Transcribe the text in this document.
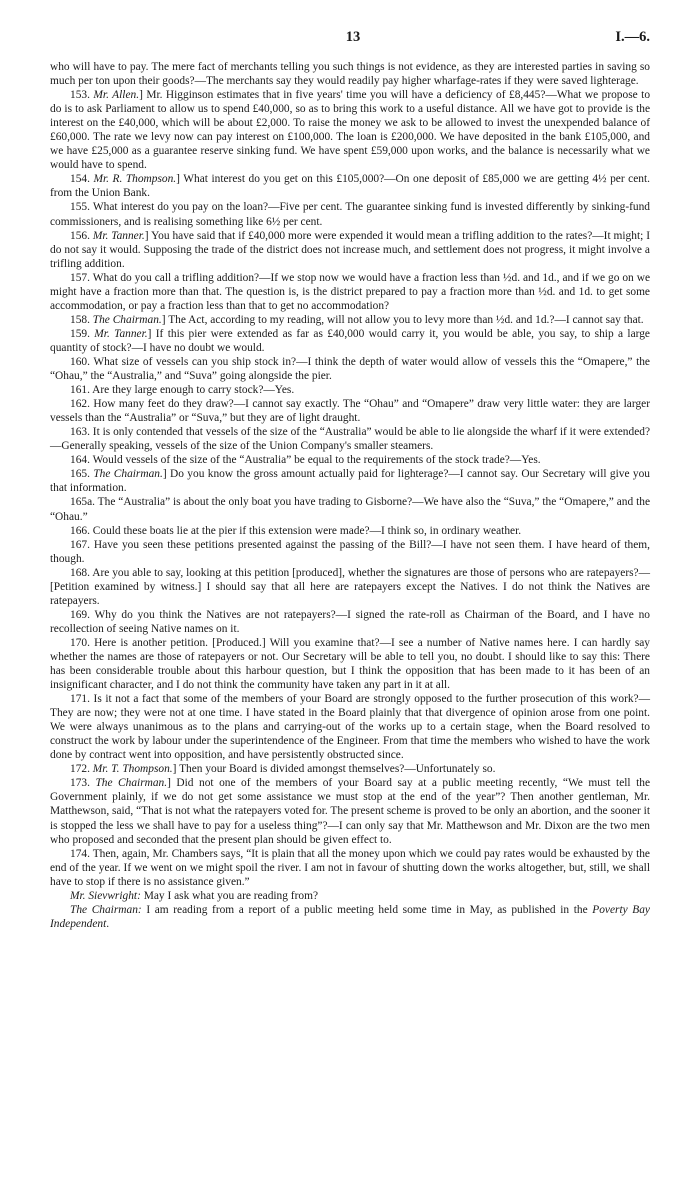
13	I.—6.

who will have to pay. The mere fact of merchants telling you such things is not evidence, as they are interested parties in saving so much per ton upon their goods?—The merchants say they would readily pay higher wharfage-rates if they were saved lighterage.

153. Mr. Allen.] Mr. Higginson estimates that in five years' time you will have a deficiency of £8,445?—What we propose to do is to ask Parliament to allow us to spend £40,000, so as to bring this work to a useful distance. All we have got to provide is the interest on the £40,000, which will be about £2,000. To raise the money we ask to be allowed to invest the unexpended balance of £60,000. The rate we levy now can pay interest on £100,000. The loan is £200,000. We have deposited in the bank £105,000, and we have £25,000 as a guarantee reserve sinking fund. We have spent £59,000 upon works, and the balance is necessarily what we would have to spend.

154. Mr. R. Thompson.] What interest do you get on this £105,000?—On one deposit of £85,000 we are getting 4½ per cent. from the Union Bank.

155. What interest do you pay on the loan?—Five per cent. The guarantee sinking fund is invested differently by sinking-fund commissioners, and is realising something like 6½ per cent.

156. Mr. Tanner.] You have said that if £40,000 more were expended it would mean a trifling addition to the rates?—It might; I do not say it would. Supposing the trade of the district does not increase much, and settlement does not progress, it might involve a trifling addition.

157. What do you call a trifling addition?—If we stop now we would have a fraction less than ½d. and 1d., and if we go on we might have a fraction more than that. The question is, is the district prepared to pay a fraction more than ½d. and 1d. to get some accommodation, or pay a fraction less than that to get no accommodation?

158. The Chairman.] The Act, according to my reading, will not allow you to levy more than ½d. and 1d.?—I cannot say that.

159. Mr. Tanner.] If this pier were extended as far as £40,000 would carry it, you would be able, you say, to ship a large quantity of stock?—I have no doubt we would.

160. What size of vessels can you ship stock in?—I think the depth of water would allow of vessels this the “Omapere,” the “Ohau,” the “Australia,” and “Suva” going alongside the pier.

161. Are they large enough to carry stock?—Yes.

162. How many feet do they draw?—I cannot say exactly. The “Ohau” and “Omapere” draw very little water: they are larger vessels than the “Australia” or “Suva,” but they are of light draught.

163. It is only contended that vessels of the size of the “Australia” would be able to lie alongside the wharf if it were extended?—Generally speaking, vessels of the size of the Union Company's smaller steamers.

164. Would vessels of the size of the “Australia” be equal to the requirements of the stock trade?—Yes.

165. The Chairman.] Do you know the gross amount actually paid for lighterage?—I cannot say. Our Secretary will give you that information.

165a. The “Australia” is about the only boat you have trading to Gisborne?—We have also the “Suva,” the “Omapere,” and the “Ohau.”

166. Could these boats lie at the pier if this extension were made?—I think so, in ordinary weather.

167. Have you seen these petitions presented against the passing of the Bill?—I have not seen them. I have heard of them, though.

168. Are you able to say, looking at this petition [produced], whether the signatures are those of persons who are ratepayers?—[Petition examined by witness.] I should say that all here are ratepayers except the Natives. I do not think the Natives are ratepayers.

169. Why do you think the Natives are not ratepayers?—I signed the rate-roll as Chairman of the Board, and I have no recollection of seeing Native names on it.

170. Here is another petition. [Produced.] Will you examine that?—I see a number of Native names here. I can hardly say whether the names are those of ratepayers or not. Our Secretary will be able to tell you, no doubt. I should like to say this: There has been considerable trouble about this harbour question, but I think the opposition that has been made to it has been of an insignificant character, and I do not think the community have taken any part in it at all.

171. Is it not a fact that some of the members of your Board are strongly opposed to the further prosecution of this work?—They are now; they were not at one time. I have stated in the Board plainly that that divergence of opinion arose from one point. We were always unanimous as to the plans and carrying-out of the works up to a certain stage, when the Board resolved to construct the work by labour under the superintendence of the Engineer. From that time the members who wished to have the work done by contract went into opposition, and have persistently obstructed since.

172. Mr. T. Thompson.] Then your Board is divided amongst themselves?—Unfortunately so.

173. The Chairman.] Did not one of the members of your Board say at a public meeting recently, “We must tell the Government plainly, if we do not get some assistance we must stop at the end of the year”? Then another gentleman, Mr. Matthewson, said, “That is not what the ratepayers voted for. The present scheme is proved to be only an abortion, and the sooner it is stopped the less we shall have to pay for a useless thing”?—I can only say that Mr. Matthewson and Mr. Dixon are the two men who proposed and seconded that the present plan should be given effect to.

174. Then, again, Mr. Chambers says, “It is plain that all the money upon which we could pay rates would be exhausted by the end of the year. If we went on we might spoil the river. I am not in favour of shutting down the works altogether, but, still, we shall have to stop if there is no assistance given.”

Mr. Sievwright: May I ask what you are reading from?

The Chairman: I am reading from a report of a public meeting held some time in May, as published in the Poverty Bay Independent.
